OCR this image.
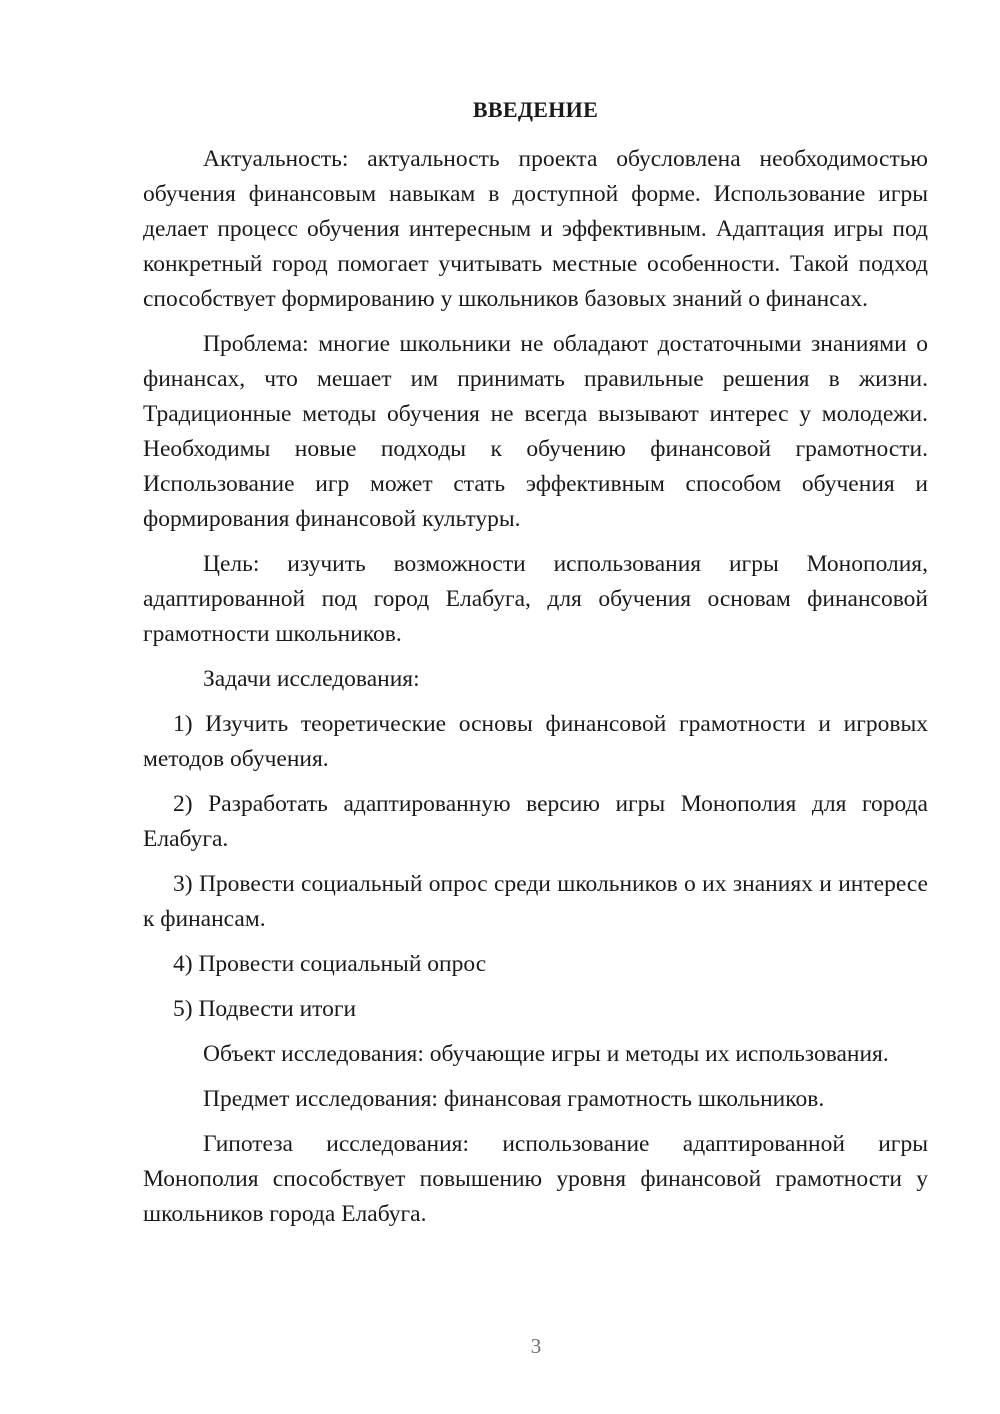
ВВЕДЕНИЕ

Актуальность: актуальность проекта обусловлена необходимостью обучения финансовым навыкам в доступной форме. Использование игры делает процесс обучения интересным и эффективным. Адаптация игры под конкретный город помогает учитывать местные особенности. Такой подход способствует формированию у школьников базовых знаний о финансах.

Проблема: многие школьники не обладают достаточными знаниями о финансах, что мешает им принимать правильные решения в жизни. Традиционные методы обучения не всегда вызывают интерес у молодежи. Необходимы новые подходы к обучению финансовой грамотности. Использование игр может стать эффективным способом обучения и формирования финансовой культуры.

Цель: изучить возможности использования игры Монополия, адаптированной под город Елабуга, для обучения основам финансовой грамотности школьников.

Задачи исследования:

1) Изучить теоретические основы финансовой грамотности и игровых методов обучения.

2) Разработать адаптированную версию игры Монополия для города Елабуга.

3) Провести социальный опрос среди школьников о их знаниях и интересе к финансам.

4) Провести социальный опрос

5) Подвести итоги

Объект исследования: обучающие игры и методы их использования.

Предмет исследования: финансовая грамотность школьников.

Гипотеза исследования: использование адаптированной игры Монополия способствует повышению уровня финансовой грамотности у школьников города Елабуга.

3
